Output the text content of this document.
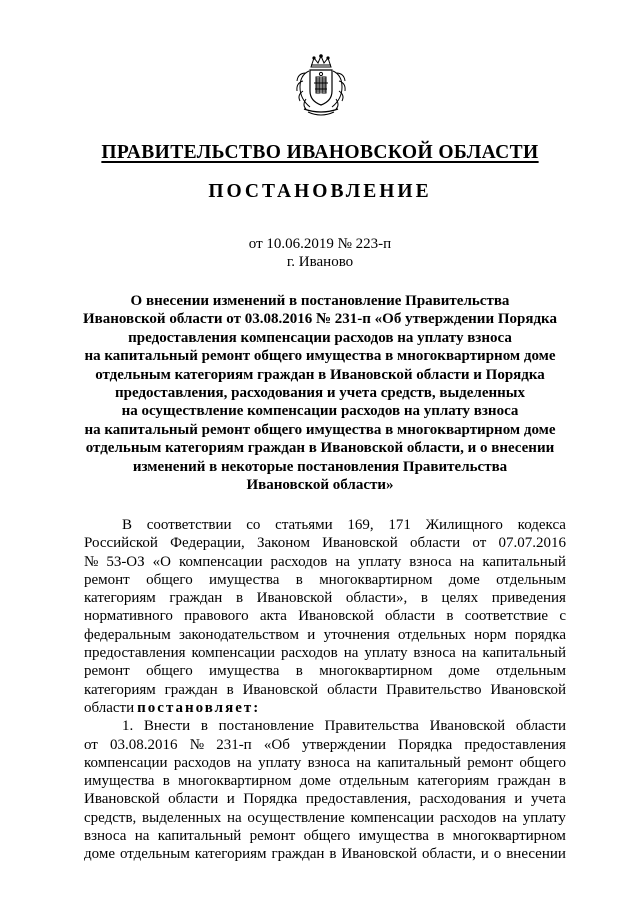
ПРАВИТЕЛЬСТВО ИВАНОВСКОЙ ОБЛАСТИ
ПОСТАНОВЛЕНИЕ
от 10.06.2019 № 223-п
г. Иваново
О внесении изменений в постановление Правительства
Ивановской области от 03.08.2016 № 231-п «Об утверждении Порядка
предоставления компенсации расходов на уплату взноса
на капитальный ремонт общего имущества в многоквартирном доме
отдельным категориям граждан в Ивановской области и Порядка
предоставления, расходования и учета средств, выделенных
на осуществление компенсации расходов на уплату взноса
на капитальный ремонт общего имущества в многоквартирном доме
отдельным категориям граждан в Ивановской области, и о внесении
изменений в некоторые постановления Правительства
Ивановской области»
В соответствии со статьями 169, 171 Жилищного кодекса
Российской Федерации, Законом Ивановской области от 07.07.2016
№ 53-ОЗ «О компенсации расходов на уплату взноса на капитальный
ремонт общего имущества в многоквартирном доме отдельным
категориям граждан в Ивановской области», в целях приведения
нормативного правового акта Ивановской области в соответствие с
федеральным законодательством и уточнения отдельных норм порядка
предоставления компенсации расходов на уплату взноса на капитальный
ремонт общего имущества в многоквартирном доме отдельным
категориям граждан в Ивановской области Правительство Ивановской
области постановляет:
1. Внести в постановление Правительства Ивановской области
от 03.08.2016 № 231-п «Об утверждении Порядка предоставления
компенсации расходов на уплату взноса на капитальный ремонт общего
имущества в многоквартирном доме отдельным категориям граждан в
Ивановской области и Порядка предоставления, расходования и учета
средств, выделенных на осуществление компенсации расходов на уплату
взноса на капитальный ремонт общего имущества в многоквартирном
доме отдельным категориям граждан в Ивановской области, и о внесении
